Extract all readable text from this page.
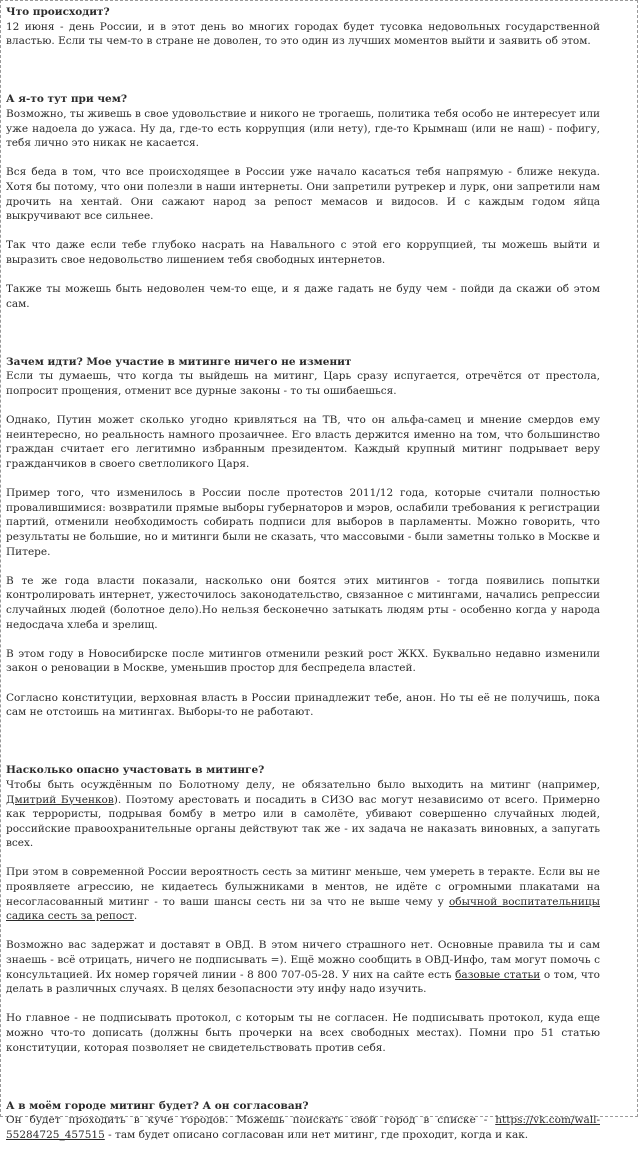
Что происходит?

12 июня - день России, и в этот день во многих городах будет тусовка недовольных государственной властью. Если ты чем-то в стране не доволен, то это один из лучших моментов выйти и заявить об этом.

А я-то тут при чем?

Возможно, ты живешь в свое удовольствие и никого не трогаешь, политика тебя особо не интересует или уже надоела до ужаса. Ну да, где-то есть коррупция (или нету), где-то Крымнаш (или не наш) - пофигу, тебя лично это никак не касается.

Вся беда в том, что все происходящее в России уже начало касаться тебя напрямую - ближе некуда. Хотя бы потому, что они полезли в наши интернеты. Они запретили рутрекер и лурк, они запретили нам дрочить на хентай. Они сажают народ за репост мемасов и видосов. И с каждым годом яйца выкручивают все сильнее.

Так что даже если тебе глубоко насрать на Навального с этой его коррупцией, ты можешь выйти и выразить свое недовольство лишением тебя свободных интернетов.

Также ты можешь быть недоволен чем-то еще, и я даже гадать не буду чем - пойди да скажи об этом сам.

Зачем идти? Мое участие в митинге ничего не изменит

Если ты думаешь, что когда ты выйдешь на митинг, Царь сразу испугается, отречётся от престола, попросит прощения, отменит все дурные законы - то ты ошибаешься.

Однако, Путин может сколько угодно кривляться на ТВ, что он альфа-самец и мнение смердов ему неинтересно, но реальность намного прозаичнее. Его власть держится именно на том, что большинство граждан считает его легитимно избранным президентом. Каждый крупный митинг подрывает веру гражданчиков в своего светлоликого Царя.

Пример того, что изменилось в России после протестов 2011/12 года, которые считали полностью провалившимися: возвратили прямые выборы губернаторов и мэров, ослабили требования к регистрации партий, отменили необходимость собирать подписи для выборов в парламенты. Можно говорить, что результаты не большие, но и митинги были не сказать, что массовыми - были заметны только в Москве и Питере.

В те же года власти показали, насколько они боятся этих митингов - тогда появились попытки контролировать интернет, ужесточилось законодательство, связанное с митингами, начались репрессии случайных людей (болотное дело).Но нельзя бесконечно затыкать людям рты - особенно когда у народа недосдача хлеба и зрелищ.

В этом году в Новосибирске после митингов отменили резкий рост ЖКХ. Буквально недавно изменили закон о реновации в Москве, уменьшив простор для беспредела властей.

Согласно конституции, верховная власть в России принадлежит тебе, анон. Но ты её не получишь, пока сам не отстоишь на митингах. Выборы-то не работают.

Насколько опасно участовать в митинге?

Чтобы быть осуждённым по Болотному делу, не обязательно было выходить на митинг (например, Дмитрий Бученков). Поэтому арестовать и посадить в СИЗО вас могут независимо от всего. Примерно как террористы, подрывая бомбу в метро или в самолёте, убивают совершенно случайных людей, российские правоохранительные органы действуют так же - их задача не наказать виновных, а запугать всех.

При этом в современной России вероятность сесть за митинг меньше, чем умереть в теракте. Если вы не проявляете агрессию, не кидаетесь булыжниками в ментов, не идёте с огромными плакатами на несогласованный митинг - то ваши шансы сесть ни за что не выше чему у обычной воспитательницы садика сесть за репост.

Возможно вас задержат и доставят в ОВД. В этом ничего страшного нет. Основные правила ты и сам знаешь - всё отрицать, ничего не подписывать =). Ещё можно сообщить в ОВД-Инфо, там могут помочь с консультацией. Их номер горячей линии - 8 800 707-05-28. У них на сайте есть базовые статьи о том, что делать в различных случаях. В целях безопасности эту инфу надо изучить.

Но главное - не подписывать протокол, с которым ты не согласен. Не подписывать протокол, куда еще можно что-то дописать (должны быть прочерки на всех свободных местах). Помни про 51 статью конституции, которая позволяет не свидетельствовать против себя.

А в моём городе митинг будет? А он согласован?

Он будет проходить в куче городов. Можешь поискать свой город в списке - https://vk.com/wall-55284725_457515 - там будет описано согласован или нет митинг, где проходит, когда и как.
